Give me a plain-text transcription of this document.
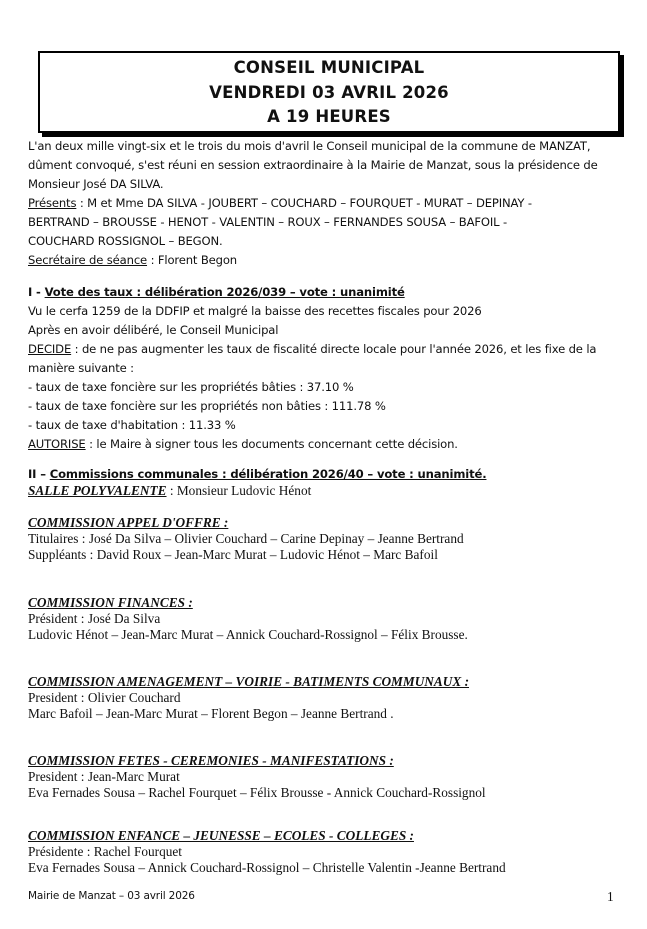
CONSEIL MUNICIPAL
VENDREDI 03 AVRIL 2026
A 19 HEURES
L'an deux mille vingt-six et le trois du mois d'avril le Conseil municipal de la commune de MANZAT,
dûment convoqué, s'est réuni en session extraordinaire à la Mairie de Manzat, sous la présidence de
Monsieur José DA SILVA.
Présents : M et Mme DA SILVA - JOUBERT – COUCHARD – FOURQUET - MURAT – DEPINAY -
BERTRAND – BROUSSE - HENOT - VALENTIN – ROUX – FERNANDES SOUSA – BAFOIL -
COUCHARD ROSSIGNOL – BEGON.
Secrétaire de séance : Florent Begon
I - Vote des taux : délibération 2026/039 – vote : unanimité
Vu le cerfa 1259 de la DDFIP et malgré la baisse des recettes fiscales pour 2026
Après en avoir délibéré, le Conseil Municipal
DECIDE : de ne pas augmenter les taux de fiscalité directe locale pour l'année 2026, et les fixe de la
manière suivante :
- taux de taxe foncière sur les propriétés bâties : 37.10 %
- taux de taxe foncière sur les propriétés non bâties : 111.78 %
- taux de taxe d'habitation : 11.33 %
AUTORISE : le Maire à signer tous les documents concernant cette décision.
II – Commissions communales : délibération 2026/40 – vote : unanimité.
SALLE POLYVALENTE : Monsieur Ludovic Hénot
COMMISSION APPEL D'OFFRE :
Titulaires : José Da Silva – Olivier Couchard – Carine Depinay – Jeanne Bertrand
Suppléants : David Roux – Jean-Marc Murat – Ludovic Hénot – Marc Bafoil
COMMISSION FINANCES :
Président : José Da Silva
Ludovic Hénot – Jean-Marc Murat – Annick Couchard-Rossignol – Félix Brousse.
COMMISSION AMENAGEMENT – VOIRIE - BATIMENTS COMMUNAUX :
President : Olivier Couchard
Marc Bafoil – Jean-Marc Murat – Florent Begon – Jeanne Bertrand .
COMMISSION FETES - CEREMONIES - MANIFESTATIONS :
President : Jean-Marc Murat
Eva Fernades Sousa – Rachel Fourquet – Félix Brousse - Annick Couchard-Rossignol
COMMISSION ENFANCE – JEUNESSE – ECOLES - COLLEGES :
Présidente : Rachel Fourquet
Eva Fernades Sousa – Annick Couchard-Rossignol – Christelle Valentin -Jeanne Bertrand
Mairie de Manzat – 03 avril 2026	1
